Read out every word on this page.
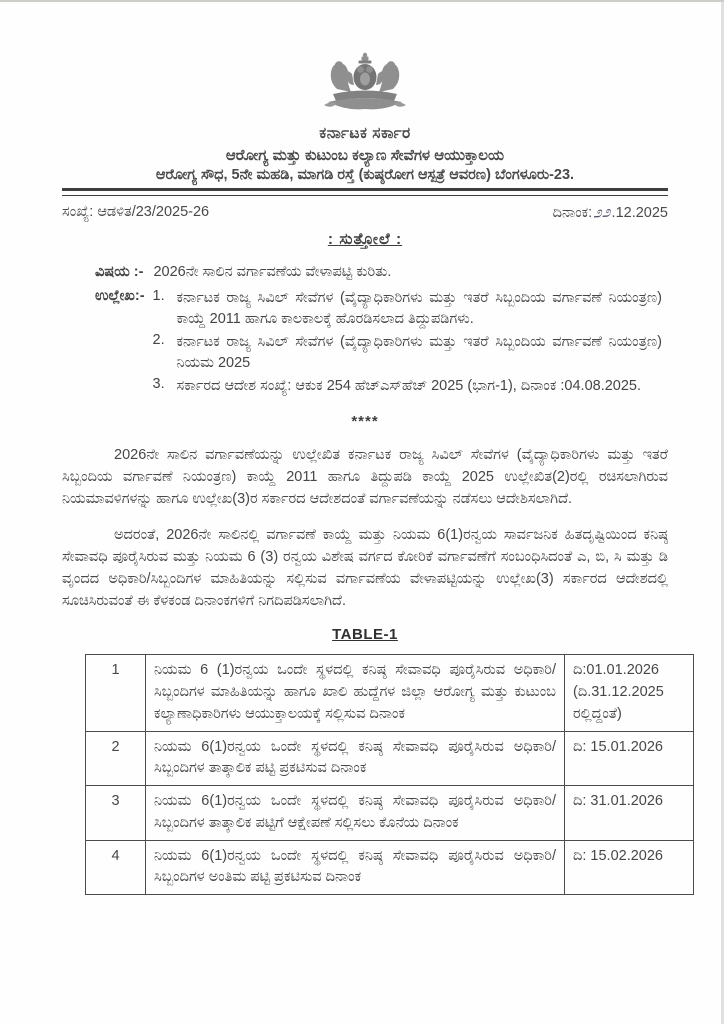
ಕರ್ನಾಟಕ ಸರ್ಕಾರ
ಆರೋಗ್ಯ ಮತ್ತು ಕುಟುಂಬ ಕಲ್ಯಾಣ ಸೇವೆಗಳ ಆಯುಕ್ತಾಲಯ
ಆರೋಗ್ಯ ಸೌಧ, 5ನೇ ಮಹಡಿ, ಮಾಗಡಿ ರಸ್ತೆ (ಕುಷ್ಠರೋಗ ಆಸ್ಪತ್ರೆ ಆವರಣ) ಬೆಂಗಳೂರು-23.
ಸಂಖ್ಯೆ: ಆಡಳಿತ/23/2025-26	ದಿನಾಂಕ:೨೨.12.2025
: ಸುತ್ತೋಲೆ :
ವಿಷಯ :- 2026ನೇ ಸಾಲಿನ ವರ್ಗಾವಣೆಯ ವೇಳಾಪಟ್ಟಿ ಕುರಿತು.
ಉಲ್ಲೇಖ:- 1. ಕರ್ನಾಟಕ ರಾಜ್ಯ ಸಿವಿಲ್ ಸೇವೆಗಳ (ವೈದ್ಯಾಧಿಕಾರಿಗಳು ಮತ್ತು ಇತರೆ ಸಿಬ್ಬಂದಿಯ ವರ್ಗಾವಣೆ ನಿಯಂತ್ರಣ) ಕಾಯ್ದೆ 2011 ಹಾಗೂ ಕಾಲಕಾಲಕ್ಕೆ ಹೊರಡಿಸಲಾದ ತಿದ್ದುಪಡಿಗಳು.
2. ಕರ್ನಾಟಕ ರಾಜ್ಯ ಸಿವಿಲ್ ಸೇವೆಗಳ (ವೈದ್ಯಾಧಿಕಾರಿಗಳು ಮತ್ತು ಇತರೆ ಸಿಬ್ಬಂದಿಯ ವರ್ಗಾವಣೆ ನಿಯಂತ್ರಣ) ನಿಯಮ 2025
3. ಸರ್ಕಾರದ ಆದೇಶ ಸಂಖ್ಯೆ: ಆಕುಕ 254 ಹೆಚ್‌ಎಸ್‌ಹೆಚ್ 2025 (ಭಾಗ-1), ದಿನಾಂಕ :04.08.2025.
****

2026ನೇ ಸಾಲಿನ ವರ್ಗಾವಣೆಯನ್ನು ಉಲ್ಲೇಖಿತ ಕರ್ನಾಟಕ ರಾಜ್ಯ ಸಿವಿಲ್ ಸೇವೆಗಳ (ವೈದ್ಯಾಧಿಕಾರಿಗಳು ಮತ್ತು ಇತರೆ ಸಿಬ್ಬಂದಿಯ ವರ್ಗಾವಣೆ ನಿಯಂತ್ರಣ) ಕಾಯ್ದೆ 2011 ಹಾಗೂ ತಿದ್ದುಪಡಿ ಕಾಯ್ದೆ 2025 ಉಲ್ಲೇಖಿತ(2)ರಲ್ಲಿ ರಚಿಸಲಾಗಿರುವ ನಿಯಮಾವಳಿಗಳನ್ನು ಹಾಗೂ ಉಲ್ಲೇಖ(3)ರ ಸರ್ಕಾರದ ಆದೇಶದಂತೆ ವರ್ಗಾವಣೆಯನ್ನು ನಡೆಸಲು ಆದೇಶಿಸಲಾಗಿದೆ.

ಅದರಂತೆ, 2026ನೇ ಸಾಲಿನಲ್ಲಿ ವರ್ಗಾವಣೆ ಕಾಯ್ದೆ ಮತ್ತು ನಿಯಮ 6(1)ರನ್ವಯ ಸಾರ್ವಜನಿಕ ಹಿತದೃಷ್ಟಿಯಿಂದ ಕನಿಷ್ಠ ಸೇವಾವಧಿ ಪೂರೈಸಿರುವ ಮತ್ತು ನಿಯಮ 6 (3) ರನ್ವಯ ವಿಶೇಷ ವರ್ಗದ ಕೋರಿಕೆ ವರ್ಗಾವಣೆಗೆ ಸಂಬಂಧಿಸಿದಂತೆ ಎ, ಬಿ, ಸಿ ಮತ್ತು ಡಿ ವೃಂದದ ಅಧಿಕಾರಿ/ಸಿಬ್ಬಂದಿಗಳ ಮಾಹಿತಿಯನ್ನು ಸಲ್ಲಿಸುವ ವರ್ಗಾವಣೆಯ ವೇಳಾಪಟ್ಟಿಯನ್ನು ಉಲ್ಲೇಖ(3) ಸರ್ಕಾರದ ಆದೇಶದಲ್ಲಿ ಸೂಚಿಸಿರುವಂತೆ ಈ ಕೆಳಕಂಡ ದಿನಾಂಕಗಳಿಗೆ ನಿಗದಿಪಡಿಸಲಾಗಿದೆ.

TABLE-1
1	ನಿಯಮ 6 (1)ರನ್ವಯ ಒಂದೇ ಸ್ಥಳದಲ್ಲಿ ಕನಿಷ್ಠ ಸೇವಾವಧಿ ಪೂರೈಸಿರುವ ಅಧಿಕಾರಿ/ಸಿಬ್ಬಂದಿಗಳ ಮಾಹಿತಿಯನ್ನು ಹಾಗೂ ಖಾಲಿ ಹುದ್ದೆಗಳ ಜಿಲ್ಲಾ ಆರೋಗ್ಯ ಮತ್ತು ಕುಟುಂಬ ಕಲ್ಯಾಣಾಧಿಕಾರಿಗಳು ಆಯುಕ್ತಾಲಯಕ್ಕೆ ಸಲ್ಲಿಸುವ ದಿನಾಂಕ	ದಿ:01.01.2026 (ದಿ.31.12.2025 ರಲ್ಲಿದ್ದಂತೆ)
2	ನಿಯಮ 6(1)ರನ್ವಯ ಒಂದೇ ಸ್ಥಳದಲ್ಲಿ ಕನಿಷ್ಠ ಸೇವಾವಧಿ ಪೂರೈಸಿರುವ ಅಧಿಕಾರಿ/ಸಿಬ್ಬಂದಿಗಳ ತಾತ್ಕಾಲಿಕ ಪಟ್ಟಿ ಪ್ರಕಟಿಸುವ ದಿನಾಂಕ	ದಿ: 15.01.2026
3	ನಿಯಮ 6(1)ರನ್ವಯ ಒಂದೇ ಸ್ಥಳದಲ್ಲಿ ಕನಿಷ್ಠ ಸೇವಾವಧಿ ಪೂರೈಸಿರುವ ಅಧಿಕಾರಿ/ಸಿಬ್ಬಂದಿಗಳ ತಾತ್ಕಾಲಿಕ ಪಟ್ಟಿಗೆ ಆಕ್ಷೇಪಣೆ ಸಲ್ಲಿಸಲು ಕೊನೆಯ ದಿನಾಂಕ	ದಿ: 31.01.2026
4	ನಿಯಮ 6(1)ರನ್ವಯ ಒಂದೇ ಸ್ಥಳದಲ್ಲಿ ಕನಿಷ್ಠ ಸೇವಾವಧಿ ಪೂರೈಸಿರುವ ಅಧಿಕಾರಿ/ಸಿಬ್ಬಂದಿಗಳ ಅಂತಿಮ ಪಟ್ಟಿ ಪ್ರಕಟಿಸುವ ದಿನಾಂಕ	ದಿ: 15.02.2026
